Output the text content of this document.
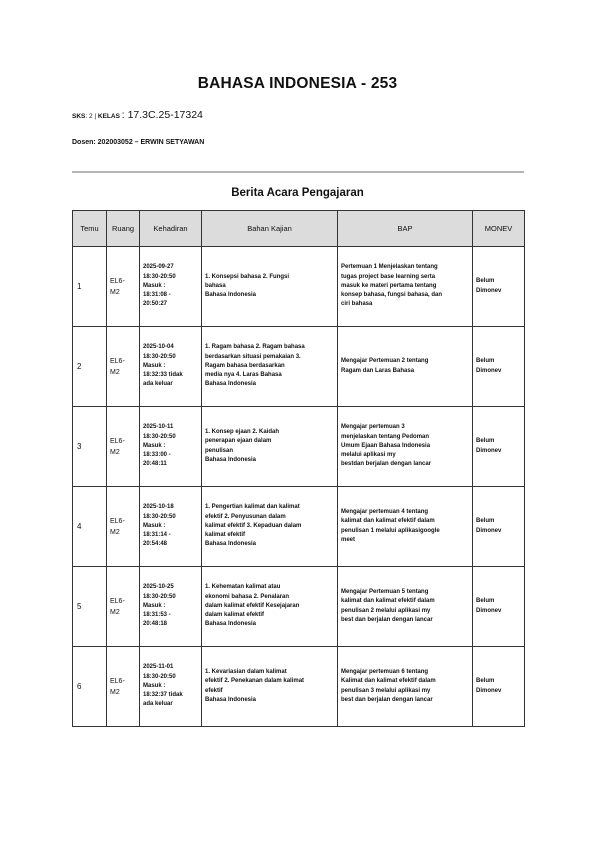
BAHASA INDONESIA - 253
SKS: 2 | KELAS : 17.3C.25-17324
Dosen: 202003052 – ERWIN SETYAWAN
Berita Acara Pengajaran
Temu	Ruang	Kehadiran	Bahan Kajian	BAP	MONEV
1	EL6-
M2	2025-09-27
18:30-20:50
Masuk :
18:31:08 -
20:50:27	1. Konsepsi bahasa 2. Fungsi
bahasa
Bahasa Indonesia	Pertemuan 1 Menjelaskan tentang
tugas project base learning serta
masuk ke materi pertama tentang
konsep bahasa, fungsi bahasa, dan
ciri bahasa	Belum
Dimonev

2	EL6-
M2	2025-10-04
18:30-20:50
Masuk :
18:32:33 tidak
ada keluar	1. Ragam bahasa 2. Ragam bahasa
berdasarkan situasi pemakaian 3.
Ragam bahasa berdasarkan
media nya 4. Laras Bahasa
Bahasa Indonesia	Mengajar Pertemuan 2 tentang
Ragam dan Laras Bahasa	Belum
Dimonev

3	EL6-
M2	2025-10-11
18:30-20:50
Masuk :
18:33:00 -
20:48:11	1. Konsep ejaan 2. Kaidah
penerapan ejaan dalam
penulisan
Bahasa Indonesia	Mengajar pertemuan 3
menjelaskan tentang Pedoman
Umum Ejaan Bahasa Indonesia
melalui aplikasi my
bestdan berjalan dengan lancar	Belum
Dimonev

4	EL6-
M2	2025-10-18
18:30-20:50
Masuk :
18:31:14 -
20:54:48	1. Pengertian kalimat dan kalimat
efektif 2. Penyusunan dalam
kalimat efektif 3. Kepaduan dalam
kalimat efektif
Bahasa Indonesia	Mengajar pertemuan 4 tentang
kalimat dan kalimat efektif dalam
penulisan 1 melalui aplikasigoogle
meet	Belum
Dimonev

5	EL6-
M2	2025-10-25
18:30-20:50
Masuk :
18:31:53 -
20:48:18	1. Kehematan kalimat atau
ekonomi bahasa 2. Penalaran
dalam kalimat efektif Kesejajaran
dalam kalimat efektif
Bahasa Indonesia	Mengajar Pertemuan 5 tentang
kalimat dan kalimat efektif dalam
penulisan 2 melalui aplikasi my
best dan berjalan dengan lancar	Belum
Dimonev

6	EL6-
M2	2025-11-01
18:30-20:50
Masuk :
18:32:37 tidak
ada keluar	1. Kevariasian dalam kalimat
efektif 2. Penekanan dalam kalimat
efektif
Bahasa Indonesia	Mengajar pertemuan 6 tentang
Kalimat dan kalimat efektif dalam
penulisan 3 melalui aplikasi my
best dan berjalan dengan lancar	Belum
Dimonev
